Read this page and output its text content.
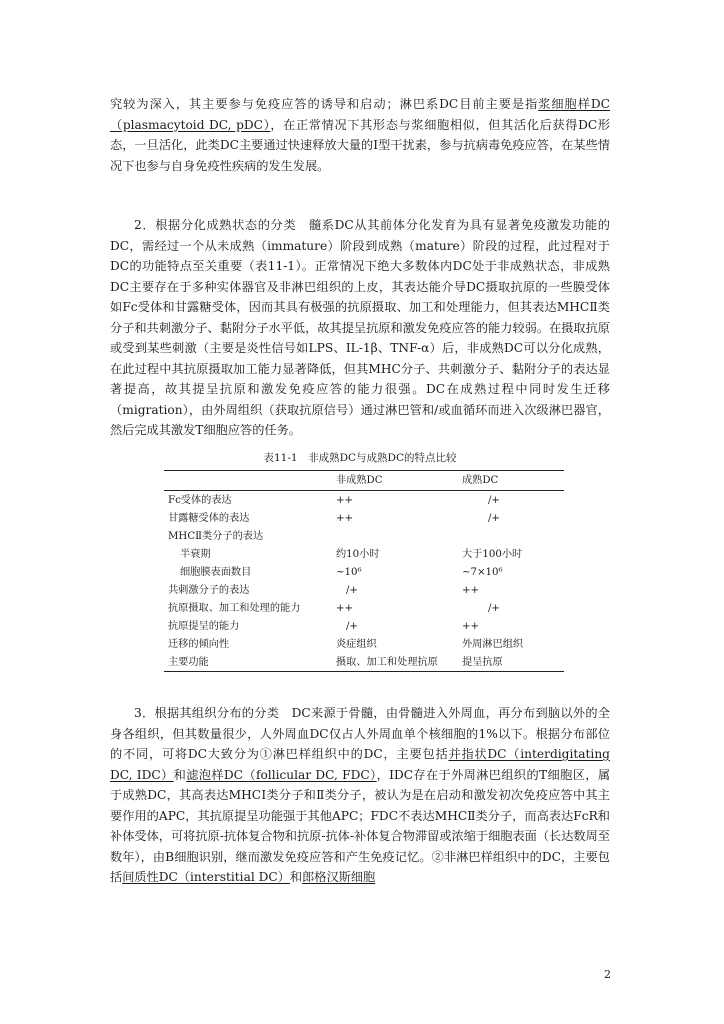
究较为深入，其主要参与免疫应答的诱导和启动；淋巴系DC目前主要是指浆细胞样DC（plasmacytoid DC, pDC），在正常情况下其形态与浆细胞相似，但其活化后获得DC形态，一旦活化，此类DC主要通过快速释放大量的Ⅰ型干扰素，参与抗病毒免疫应答，在某些情况下也参与自身免疫性疾病的发生发展。

2．根据分化成熟状态的分类　髓系DC从其前体分化发育为具有显著免疫激发功能的DC，需经过一个从未成熟（immature）阶段到成熟（mature）阶段的过程，此过程对于DC的功能特点至关重要（表11-1）。正常情况下绝大多数体内DC处于非成熟状态，非成熟DC主要存在于多种实体器官及非淋巴组织的上皮，其表达能介导DC摄取抗原的一些膜受体如Fc受体和甘露糖受体，因而其具有极强的抗原摄取、加工和处理能力，但其表达MHCⅡ类分子和共刺激分子、黏附分子水平低，故其提呈抗原和激发免疫应答的能力较弱。在摄取抗原或受到某些刺激（主要是炎性信号如LPS、IL-1β、TNF-α）后，非成熟DC可以分化成熟，在此过程中其抗原摄取加工能力显著降低，但其MHC分子、共刺激分子、黏附分子的表达显著提高，故其提呈抗原和激发免疫应答的能力很强。DC在成熟过程中同时发生迁移（migration），由外周组织（获取抗原信号）通过淋巴管和/或血循环而进入次级淋巴器官，然后完成其激发T细胞应答的任务。

表11-1　非成熟DC与成熟DC的特点比较

	非成熟DC	成熟DC
Fc受体的表达	++	/+
甘露糖受体的表达	++	/+
MHCⅡ类分子的表达		
半衰期	约10小时	大于100小时
细胞膜表面数目	~10⁶	~7×10⁶
共刺激分子的表达	/+	++
抗原摄取、加工和处理的能力	++	/+
抗原提呈的能力	/+	++
迁移的倾向性	炎症组织	外周淋巴组织
主要功能	摄取、加工和处理抗原	提呈抗原

3．根据其组织分布的分类　DC来源于骨髓，由骨髓进入外周血，再分布到脑以外的全身各组织，但其数量很少，人外周血DC仅占人外周血单个核细胞的1%以下。根据分布部位的不同，可将DC大致分为①淋巴样组织中的DC，主要包括并指状DC（interdigitating DC, IDC）和滤泡样DC（follicular DC, FDC），IDC存在于外周淋巴组织的T细胞区，属于成熟DC，其高表达MHCⅠ类分子和Ⅱ类分子，被认为是在启动和激发初次免疫应答中其主要作用的APC，其抗原提呈功能强于其他APC；FDC不表达MHCⅡ类分子，而高表达FcR和补体受体，可将抗原-抗体复合物和抗原-抗体-补体复合物滞留或浓缩于细胞表面（长达数周至数年），由B细胞识别，继而激发免疫应答和产生免疫记忆。②非淋巴样组织中的DC，主要包括间质性DC（interstitial DC）和郎格汉斯细胞

2
